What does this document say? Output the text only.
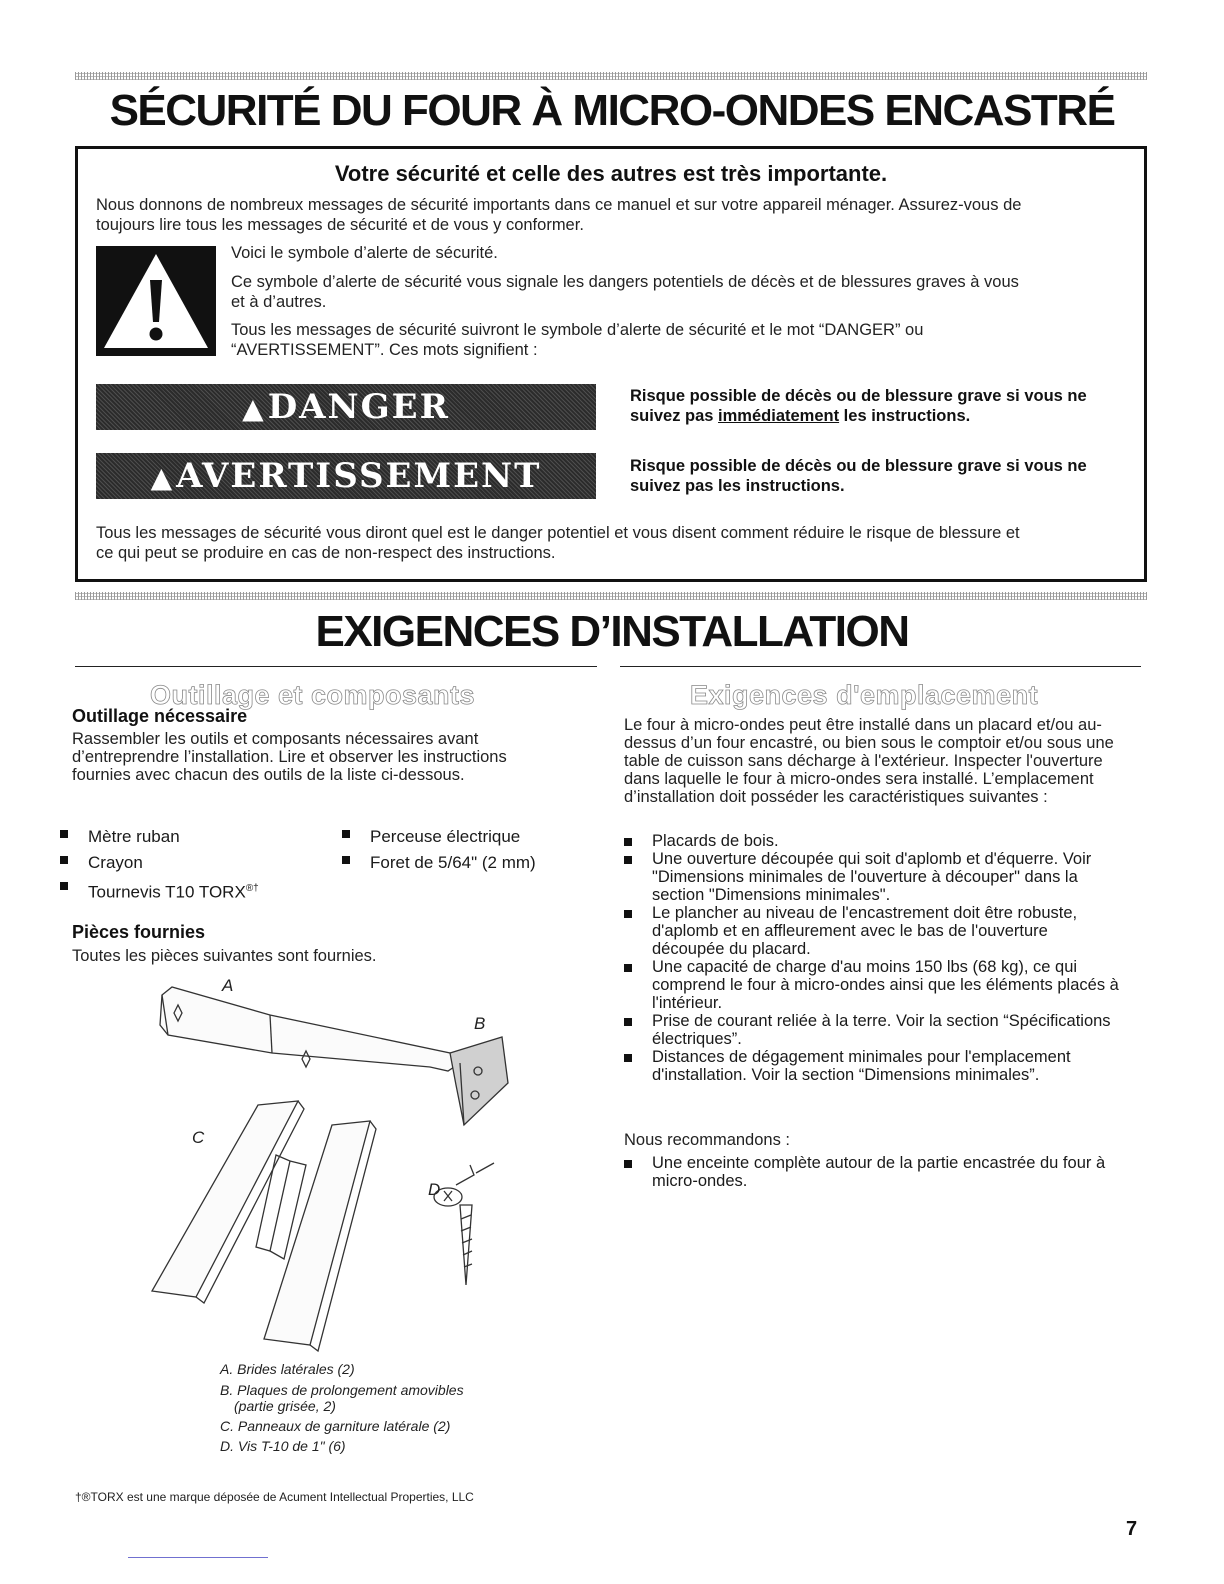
SÉCURITÉ DU FOUR À MICRO-ONDES ENCASTRÉ
Votre sécurité et celle des autres est très importante.

Nous donnons de nombreux messages de sécurité importants dans ce manuel et sur votre appareil ménager. Assurez-vous de

toujours lire tous les messages de sécurité et de vous y conformer.

Voici le symbole d’alerte de sécurité.

Ce symbole d’alerte de sécurité vous signale les dangers potentiels de décès et de blessures graves à vous

et à d’autres.

Tous les messages de sécurité suivront le symbole d’alerte de sécurité et le mot “DANGER” ou

“AVERTISSEMENT”. Ces mots signifient :

▲DANGER	Risque possible de décès ou de blessure grave si vous ne suivez pas immédiatement les instructions.

▲AVERTISSEMENT	Risque possible de décès ou de blessure grave si vous ne suivez pas les instructions.

Tous les messages de sécurité vous diront quel est le danger potentiel et vous disent comment réduire le risque de blessure et

ce qui peut se produire en cas de non-respect des instructions.

EXIGENCES D’INSTALLATION
Outillage et composants
Outillage nécessaire

Rassembler les outils et composants nécessaires avant d’entreprendre l’installation. Lire et observer les instructions fournies avec chacun des outils de la liste ci-dessous.

Mètre ruban
Crayon
Tournevis T10 TORX®†
Perceuse électrique
Foret de 5/64" (2 mm)
Pièces fournies

Toutes les pièces suivantes sont fournies.

A
B
C
D

A. Brides latérales (2)

B. Plaques de prolongement amovibles

(partie grisée, 2)

C. Panneaux de garniture latérale (2)

D. Vis T-10 de 1" (6)

Exigences d'emplacement

Le four à micro-ondes peut être installé dans un placard et/ou au-dessus d’un four encastré, ou bien sous le comptoir et/ou sous une table de cuisson sans décharge à l'extérieur. Inspecter l'ouverture dans laquelle le four à micro-ondes sera installé. L’emplacement d’installation doit posséder les caractéristiques suivantes :

Placards de bois.
Une ouverture découpée qui soit d'aplomb et d'équerre. Voir "Dimensions minimales de l'ouverture à découper" dans la section "Dimensions minimales".
Le plancher au niveau de l'encastrement doit être robuste, d'aplomb et en affleurement avec le bas de l'ouverture découpée du placard.
Une capacité de charge d'au moins 150 lbs (68 kg), ce qui comprend le four à micro-ondes ainsi que les éléments placés à l'intérieur.
Prise de courant reliée à la terre. Voir la section “Spécifications électriques”.
Distances de dégagement minimales pour l'emplacement d'installation. Voir la section “Dimensions minimales”.

Nous recommandons :

Une enceinte complète autour de la partie encastrée du four à micro-ondes.

†®TORX est une marque déposée de Acument Intellectual Properties, LLC

7
